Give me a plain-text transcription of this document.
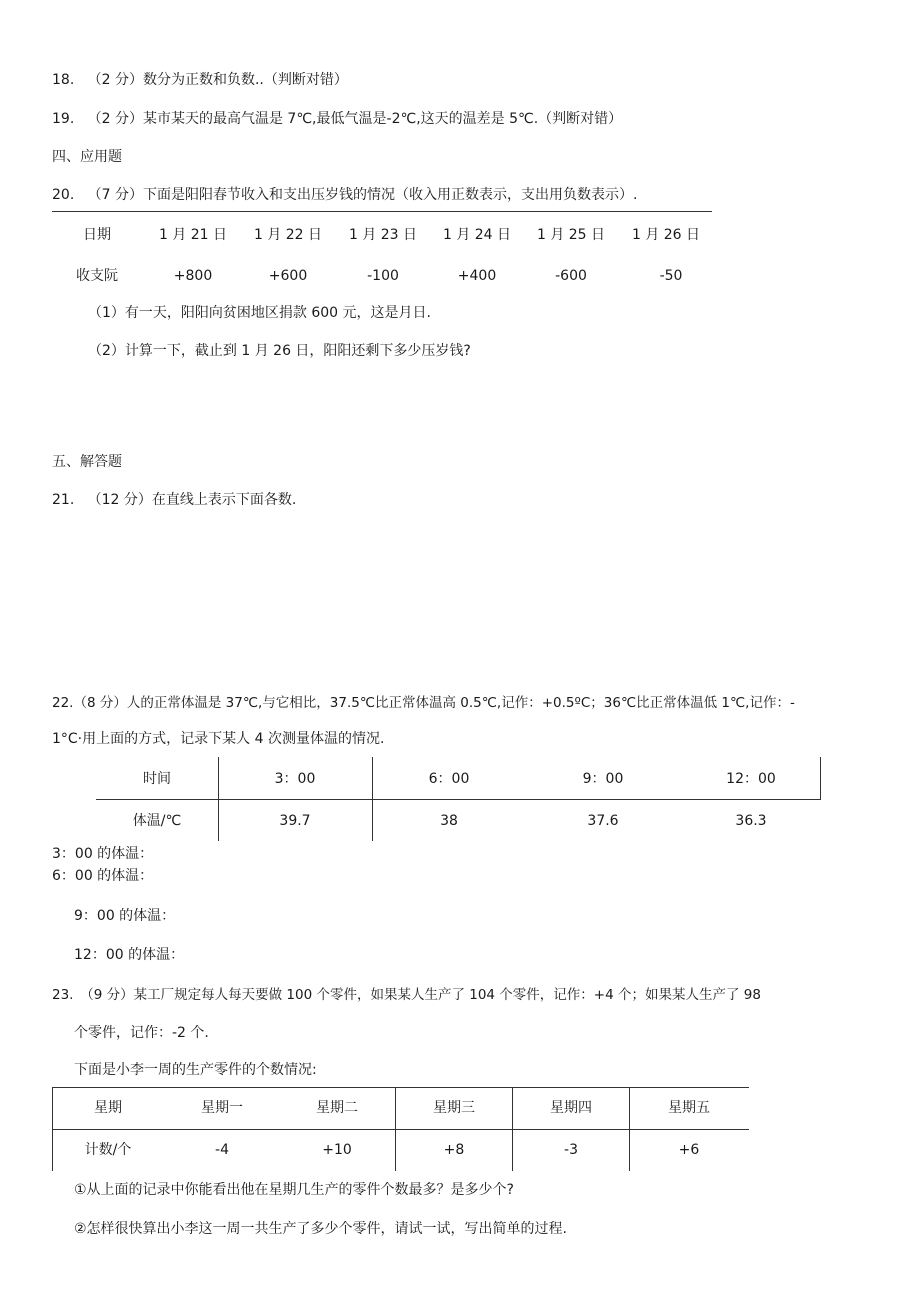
18. （2 分）数分为正数和负数..（判断对错）
19. （2 分）某市某天的最高气温是 7℃,最低气温是-2℃,这天的温差是 5℃.（判断对错）
四、应用题
20. （7 分）下面是阳阳春节收入和支出压岁钱的情况（收入用正数表示，支出用负数表示）.
日期	1 月 21 日 1 月 22 日 1 月 23 日 1 月 24 日 1 月 25 日 1 月 26 日
收支阮	+800	+600	-100	+400	-600	-50
（1）有一天，阳阳向贫困地区捐款 600 元，这是月日.
（2）计算一下，截止到 1 月 26 日，阳阳还剩下多少压岁钱?
五、解答题
21. （12 分）在直线上表示下面各数.
22.（8 分）人的正常体温是 37℃,与它相比，37.5℃比正常体温高 0.5℃,记作：+0.5ºC；36℃比正常体温低 1℃,记作：-
1°C·用上面的方式，记录下某人 4 次测量体温的情况.
时间	3：00	6：00	9：00	12：00
体温/℃	39.7	38	37.6	36.3
3：00 的体温：
6：00 的体温：
9：00 的体温：
12：00 的体温：
23.　（9 分）某工厂规定每人每天要做 100 个零件，如果某人生产了 104 个零件，记作：+4 个；如果某人生产了 98
个零件，记作：-2 个.
下面是小李一周的生产零件的个数情况:
星期	星期一	星期二	星期三	星期四	星期五
计数/个	-4	+10	+8	-3	+6
①从上面的记录中你能看出他在星期几生产的零件个数最多？是多少个?
②怎样很快算出小李这一周一共生产了多少个零件，请试一试，写出简单的过程.
